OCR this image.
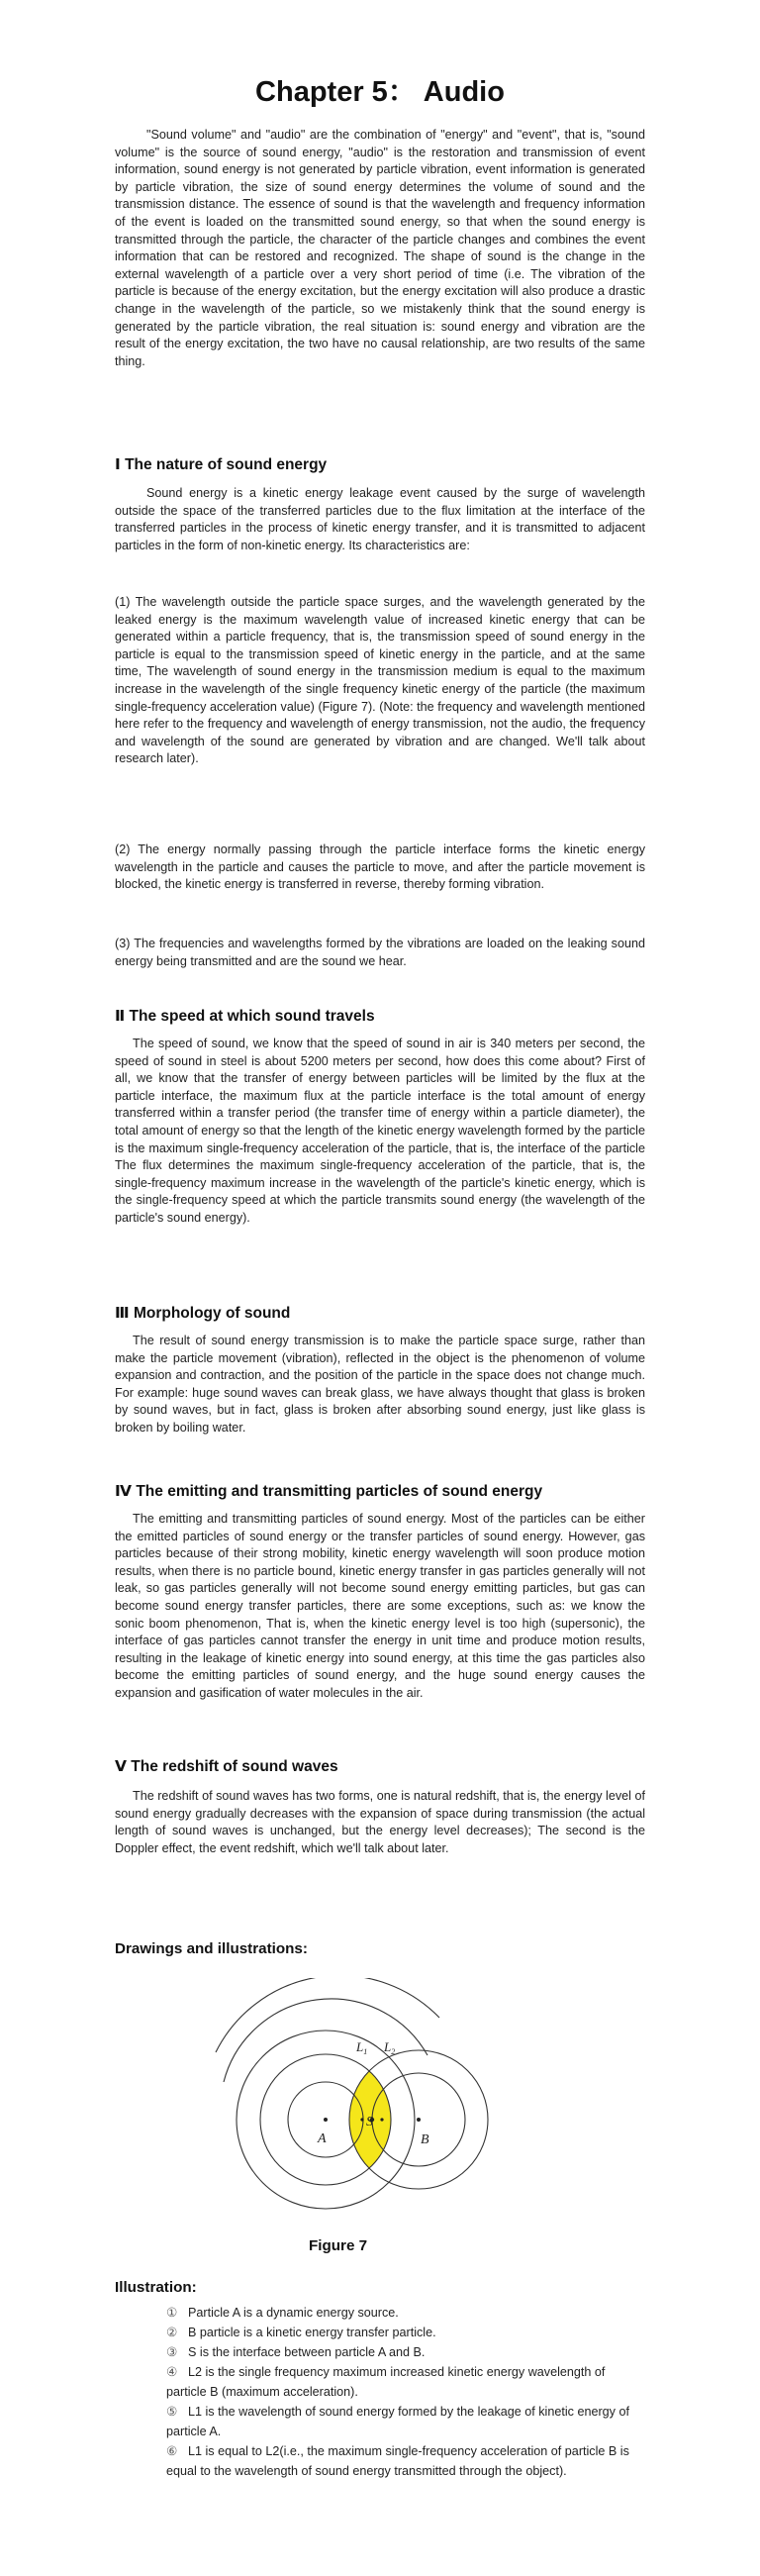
Chapter 5： Audio

"Sound volume" and "audio" are the combination of "energy" and "event", that is, "sound volume" is the source of sound energy, "audio" is the restoration and transmission of event information, sound energy is not generated by particle vibration, event information is generated by particle vibration, the size of sound energy determines the volume of sound and the transmission distance. The essence of sound is that the wavelength and frequency information of the event is loaded on the transmitted sound energy, so that when the sound energy is transmitted through the particle, the character of the particle changes and combines the event information that can be restored and recognized. The shape of sound is the change in the external wavelength of a particle over a very short period of time (i.e. The vibration of the particle is because of the energy excitation, but the energy excitation will also produce a drastic change in the wavelength of the particle, so we mistakenly think that the sound energy is generated by the particle vibration, the real situation is: sound energy and vibration are the result of the energy excitation, the two have no causal relationship, are two results of the same thing.

Ⅰ The nature of sound energy

Sound energy is a kinetic energy leakage event caused by the surge of wavelength outside the space of the transferred particles due to the flux limitation at the interface of the transferred particles in the process of kinetic energy transfer, and it is transmitted to adjacent particles in the form of non-kinetic energy. Its characteristics are:

(1) The wavelength outside the particle space surges, and the wavelength generated by the leaked energy is the maximum wavelength value of increased kinetic energy that can be generated within a particle frequency, that is, the transmission speed of sound energy in the particle is equal to the transmission speed of kinetic energy in the particle, and at the same time, The wavelength of sound energy in the transmission medium is equal to the maximum increase in the wavelength of the single frequency kinetic energy of the particle (the maximum single-frequency acceleration value) (Figure 7). (Note: the frequency and wavelength mentioned here refer to the frequency and wavelength of energy transmission, not the audio, the frequency and wavelength of the sound are generated by vibration and are changed. We'll talk about research later).

(2) The energy normally passing through the particle interface forms the kinetic energy wavelength in the particle and causes the particle to move, and after the particle movement is blocked, the kinetic energy is transferred in reverse, thereby forming vibration.

(3) The frequencies and wavelengths formed by the vibrations are loaded on the leaking sound energy being transmitted and are the sound we hear.

Ⅱ The speed at which sound travels

The speed of sound, we know that the speed of sound in air is 340 meters per second, the speed of sound in steel is about 5200 meters per second, how does this come about? First of all, we know that the transfer of energy between particles will be limited by the flux at the particle interface, the maximum flux at the particle interface is the total amount of energy transferred within a transfer period (the transfer time of energy within a particle diameter), the total amount of energy so that the length of the kinetic energy wavelength formed by the particle is the maximum single-frequency acceleration of the particle, that is, the interface of the particle The flux determines the maximum single-frequency acceleration of the particle, that is, the single-frequency maximum increase in the wavelength of the particle's kinetic energy, which is the single-frequency speed at which the particle transmits sound energy (the wavelength of the particle's sound energy).

Ⅲ Morphology of sound

The result of sound energy transmission is to make the particle space surge, rather than make the particle movement (vibration), reflected in the object is the phenomenon of volume expansion and contraction, and the position of the particle in the space does not change much. For example: huge sound waves can break glass, we have always thought that glass is broken by sound waves, but in fact, glass is broken after absorbing sound energy, just like glass is broken by boiling water.

Ⅳ The emitting and transmitting particles of sound energy

The emitting and transmitting particles of sound energy. Most of the particles can be either the emitted particles of sound energy or the transfer particles of sound energy. However, gas particles because of their strong mobility, kinetic energy wavelength will soon produce motion results, when there is no particle bound, kinetic energy transfer in gas particles generally will not leak, so gas particles generally will not become sound energy emitting particles, but gas can become sound energy transfer particles, there are some exceptions, such as: we know the sonic boom phenomenon, That is, when the kinetic energy level is too high (supersonic), the interface of gas particles cannot transfer the energy in unit time and produce motion results, resulting in the leakage of kinetic energy into sound energy, at this time the gas particles also become the emitting particles of sound energy, and the huge sound energy causes the expansion and gasification of water molecules in the air.

Ⅴ The redshift of sound waves

The redshift of sound waves has two forms, one is natural redshift, that is, the energy level of sound energy gradually decreases with the expansion of space during transmission (the actual length of sound waves is unchanged, but the energy level decreases); The second is the Doppler effect, the event redshift, which we'll talk about later.

Drawings and illustrations:

A	B
S
$L_1$ $L_2$

Figure 7

Illustration:

① Particle A is a dynamic energy source.
② B particle is a kinetic energy transfer particle.
③ S is the interface between particle A and B.
④ L2 is the single frequency maximum increased kinetic energy wavelength of particle B (maximum acceleration).
⑤ L1 is the wavelength of sound energy formed by the leakage of kinetic energy of particle A.
⑥ L1 is equal to L2(i.e., the maximum single-frequency acceleration of particle B is equal to the wavelength of sound energy transmitted through the object).
